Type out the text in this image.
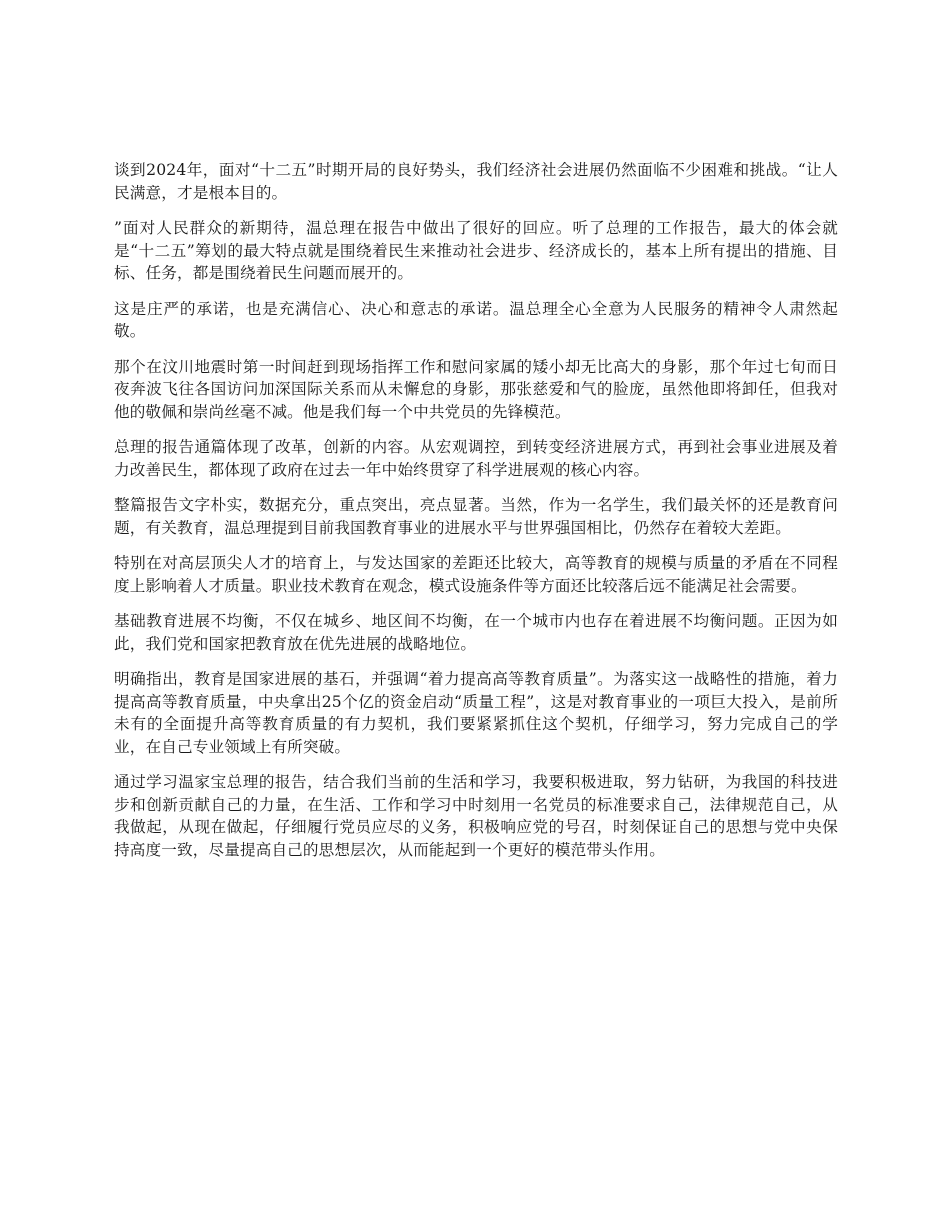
谈到2024年，面对“十二五”时期开局的良好势头，我们经济社会进展仍然面临不少困难和挑战。“让人民满意，才是根本目的。

”面对人民群众的新期待，温总理在报告中做出了很好的回应。听了总理的工作报告，最大的体会就是“十二五”筹划的最大特点就是围绕着民生来推动社会进步、经济成长的，基本上所有提出的措施、目标、任务，都是围绕着民生问题而展开的。

这是庄严的承诺，也是充满信心、决心和意志的承诺。温总理全心全意为人民服务的精神令人肃然起敬。

那个在汶川地震时第一时间赶到现场指挥工作和慰问家属的矮小却无比高大的身影，那个年过七旬而日夜奔波飞往各国访问加深国际关系而从未懈怠的身影，那张慈爱和气的脸庞，虽然他即将卸任，但我对他的敬佩和崇尚丝毫不减。他是我们每一个中共党员的先锋模范。

总理的报告通篇体现了改革，创新的内容。从宏观调控，到转变经济进展方式，再到社会事业进展及着力改善民生，都体现了政府在过去一年中始终贯穿了科学进展观的核心内容。

整篇报告文字朴实，数据充分，重点突出，亮点显著。当然，作为一名学生，我们最关怀的还是教育问题，有关教育，温总理提到目前我国教育事业的进展水平与世界强国相比，仍然存在着较大差距。

特别在对高层顶尖人才的培育上，与发达国家的差距还比较大，高等教育的规模与质量的矛盾在不同程度上影响着人才质量。职业技术教育在观念，模式设施条件等方面还比较落后远不能满足社会需要。

基础教育进展不均衡，不仅在城乡、地区间不均衡，在一个城市内也存在着进展不均衡问题。正因为如此，我们党和国家把教育放在优先进展的战略地位。

明确指出，教育是国家进展的基石，并强调“着力提高高等教育质量”。为落实这一战略性的措施，着力提高高等教育质量，中央拿出25个亿的资金启动“质量工程”，这是对教育事业的一项巨大投入，是前所未有的全面提升高等教育质量的有力契机，我们要紧紧抓住这个契机，仔细学习，努力完成自己的学业，在自己专业领域上有所突破。

通过学习温家宝总理的报告，结合我们当前的生活和学习，我要积极进取，努力钻研，为我国的科技进步和创新贡献自己的力量，在生活、工作和学习中时刻用一名党员的标准要求自己，法律规范自己，从我做起，从现在做起，仔细履行党员应尽的义务，积极响应党的号召，时刻保证自己的思想与党中央保持高度一致，尽量提高自己的思想层次，从而能起到一个更好的模范带头作用。
